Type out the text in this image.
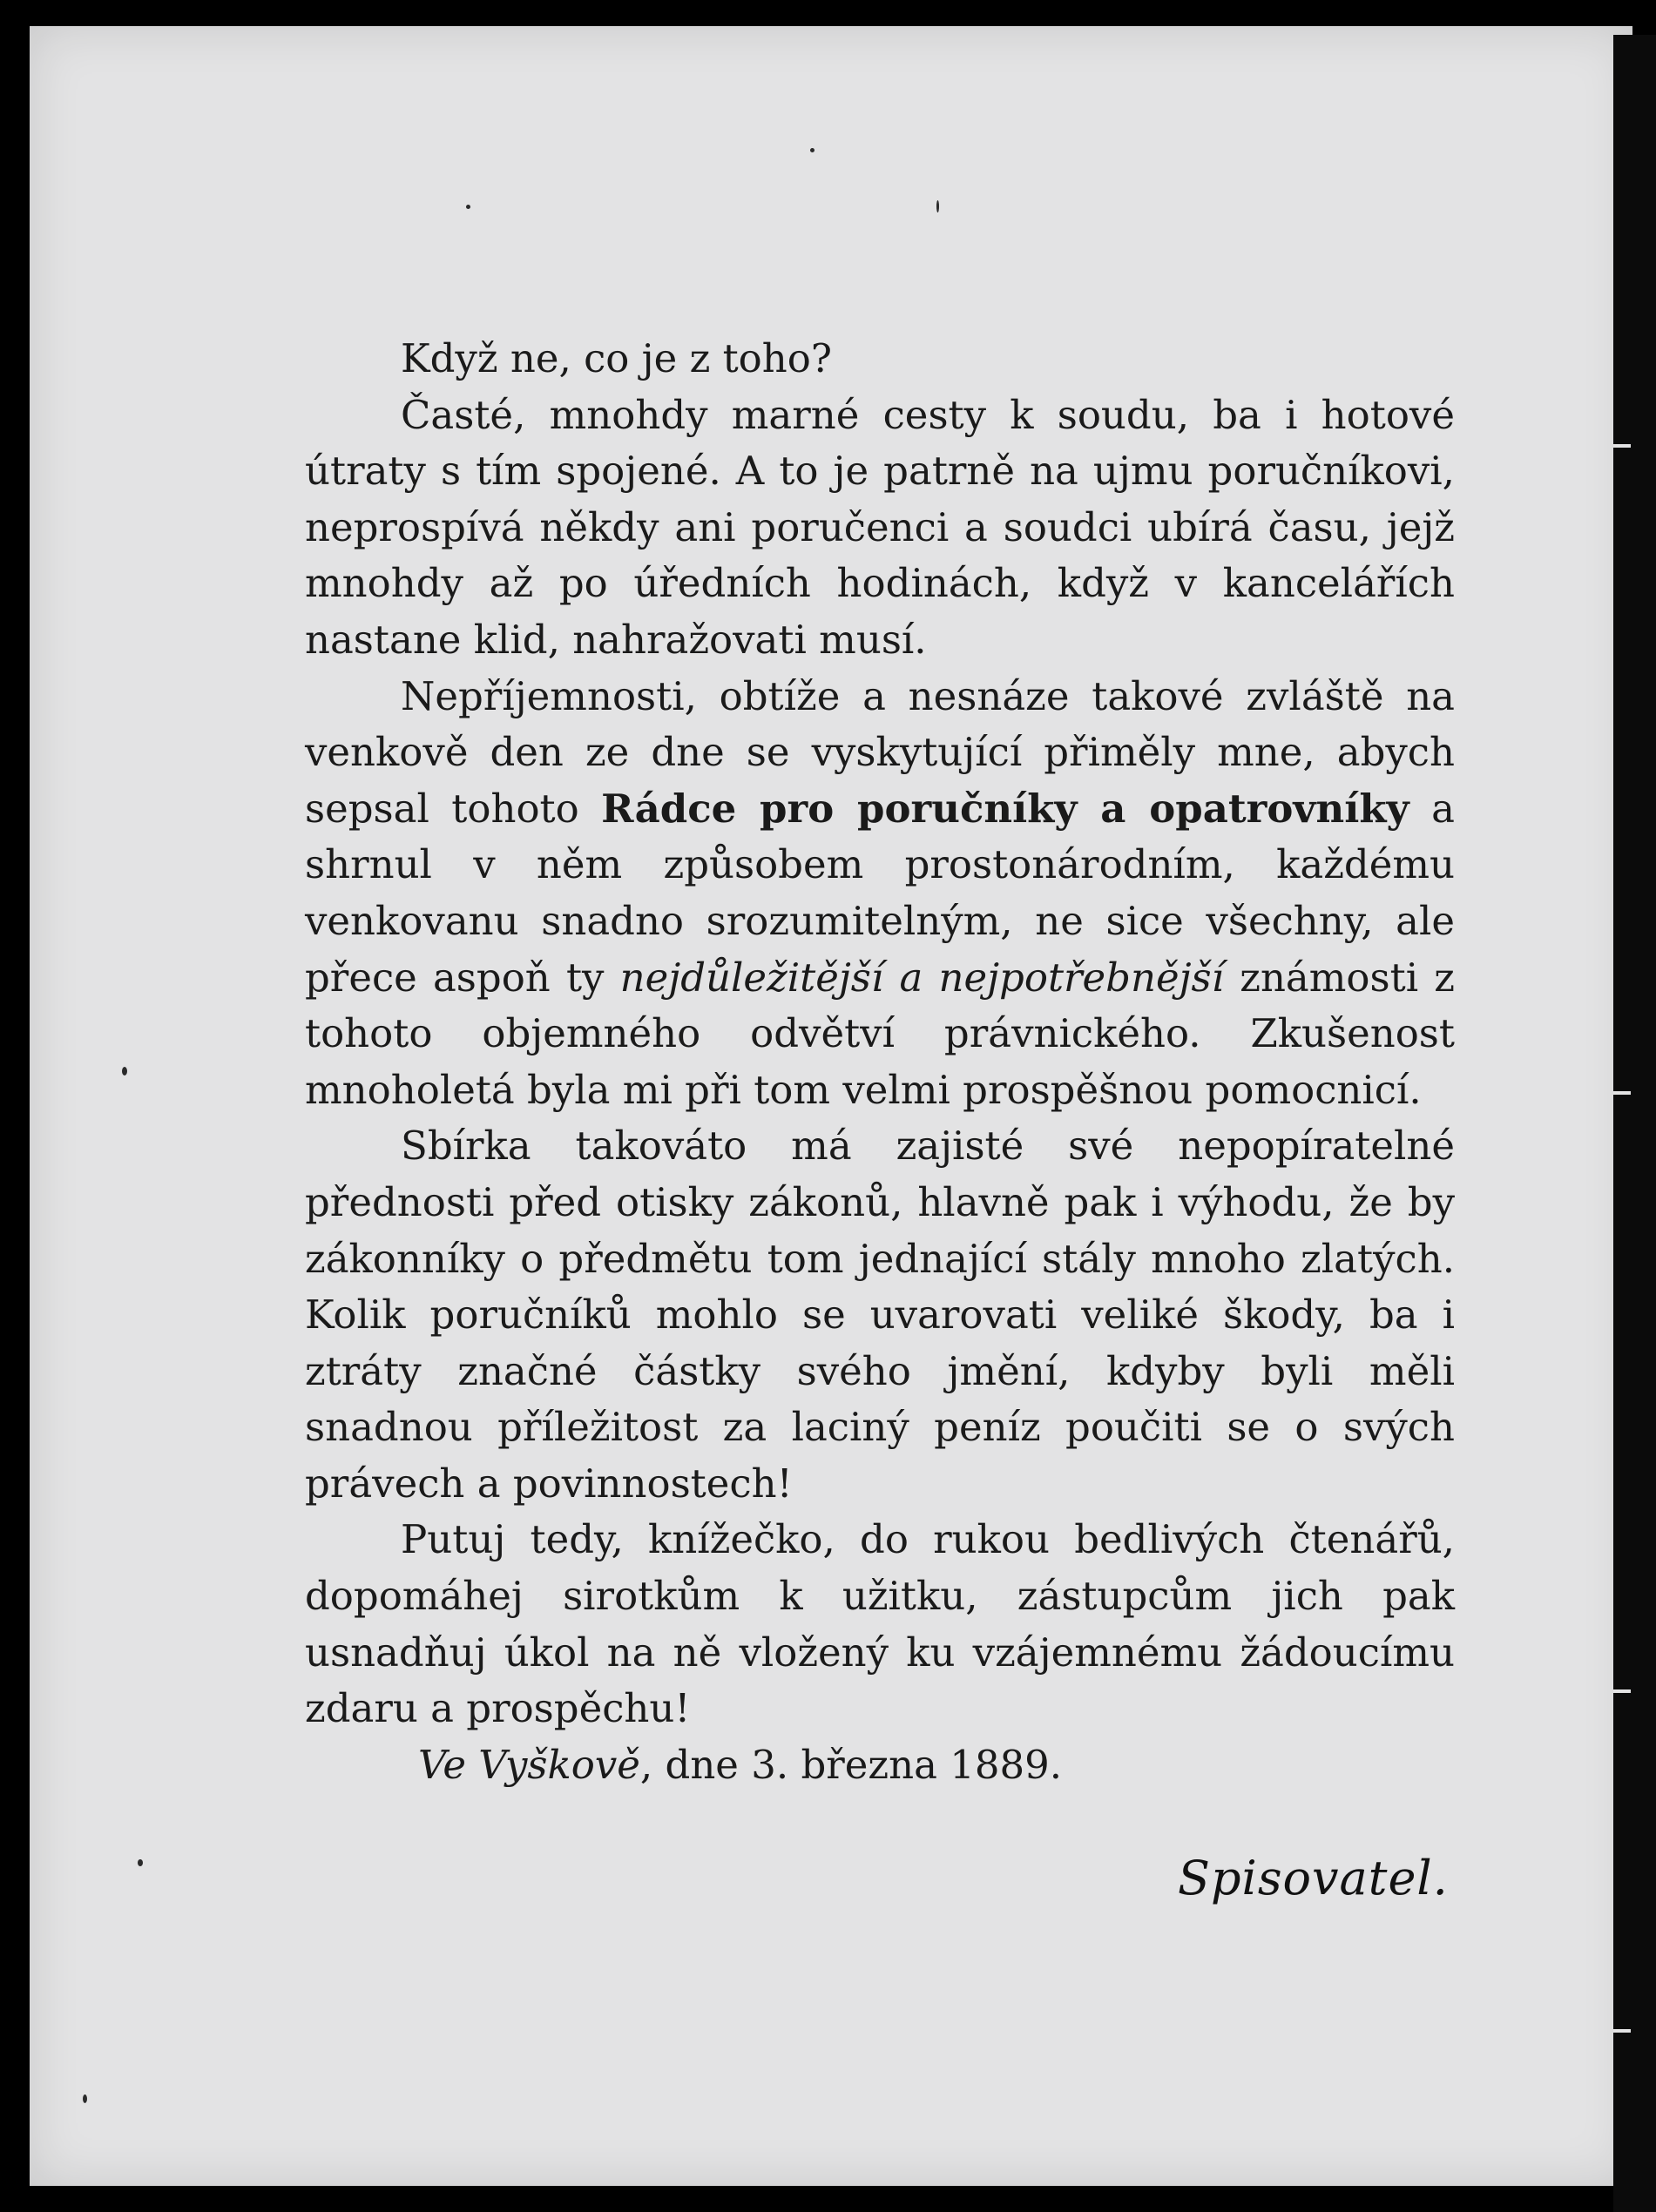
Když ne, co je z toho?

Časté, mnohdy marné cesty k soudu, ba i hotové útraty s tím spojené. A to je patrně na ujmu poručníkovi, neprospívá někdy ani poručenci a soudci ubírá času, jejž mnohdy až po úředních hodinách, když v kancelářích nastane klid, nahražovati musí.

Nepříjemnosti, obtíže a nesnáze takové zvláště na venkově den ze dne se vyskytující přiměly mne, abych sepsal tohoto Rádce pro poručníky a opatrovníky a shrnul v něm způsobem prostonárodním, každému venkovanu snadno srozumitelným, ne sice všechny, ale přece aspoň ty nejdůležitější a nejpotřebnější známosti z tohoto objemného odvětví právnického. Zkušenost mnoholetá byla mi při tom velmi prospěšnou pomocnicí.

Sbírka takováto má zajisté své nepopíratelné přednosti před otisky zákonů, hlavně pak i výhodu, že by zákonníky o předmětu tom jednající stály mnoho zlatých. Kolik poručníků mohlo se uvarovati veliké škody, ba i ztráty značné částky svého jmění, kdyby byli měli snadnou příležitost za laciný peníz poučiti se o svých právech a povinnostech!

Putuj tedy, knížečko, do rukou bedlivých čtenářů, dopomáhej sirotkům k užitku, zástupcům jich pak usnadňuj úkol na ně vložený ku vzájemnému žádoucímu zdaru a prospěchu!

Ve Vyškově, dne 3. března 1889.

Spisovatel.
